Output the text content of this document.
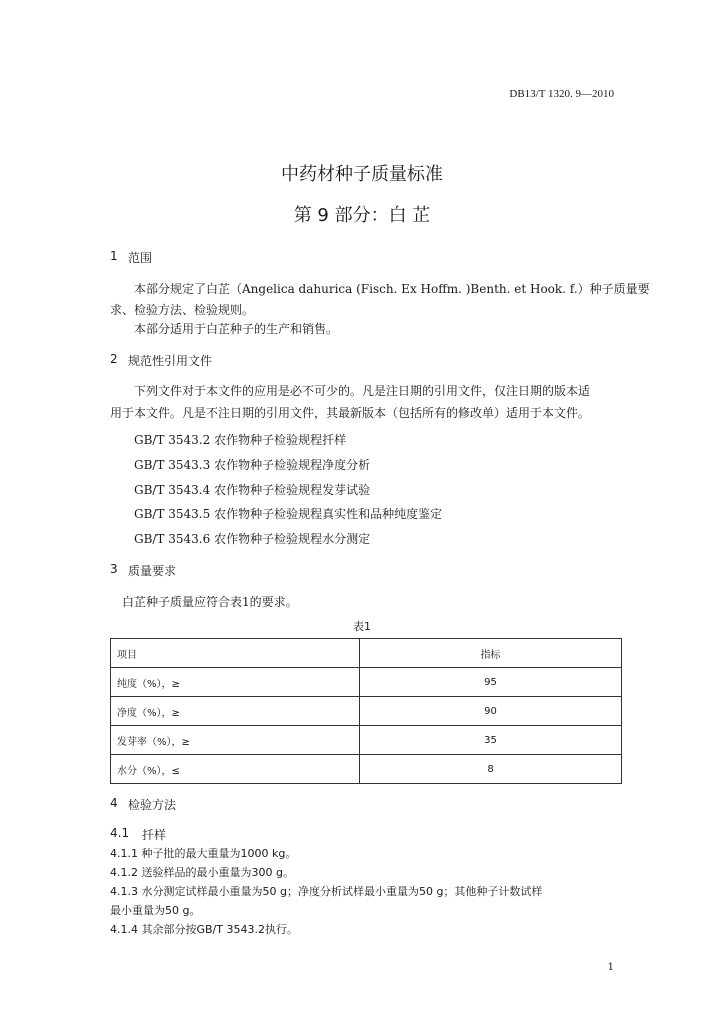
DB13/T 1320. 9—2010
中药材种子质量标准
第 9 部分：白 芷
1 范围
本部分规定了白芷（Angelica dahurica (Fisch. Ex Hoffm. )Benth. et Hook. f.）种子质量要
求、检验方法、检验规则。
本部分适用于白芷种子的生产和销售。
2 规范性引用文件
下列文件对于本文件的应用是必不可少的。凡是注日期的引用文件，仅注日期的版本适
用于本文件。凡是不注日期的引用文件，其最新版本（包括所有的修改单）适用于本文件。
GB/T 3543.2 农作物种子检验规程扦样
GB/T 3543.3 农作物种子检验规程净度分析
GB/T 3543.4 农作物种子检验规程发芽试验
GB/T 3543.5 农作物种子检验规程真实性和品种纯度鉴定
GB/T 3543.6 农作物种子检验规程水分测定
3 质量要求
白芷种子质量应符合表1的要求。
表1
项目	指标
纯度（%），≥	95
净度（%），≥	90
发芽率（%），≥	35
水分（%），≤	8
4 检验方法
4.1 扦样
4.1.1 种子批的最大重量为1000 kg。
4.1.2 送验样品的最小重量为300 g。
4.1.3 水分测定试样最小重量为50 g；净度分析试样最小重量为50 g；其他种子计数试样
最小重量为50 g。
4.1.4 其余部分按GB/T 3543.2执行。
1
